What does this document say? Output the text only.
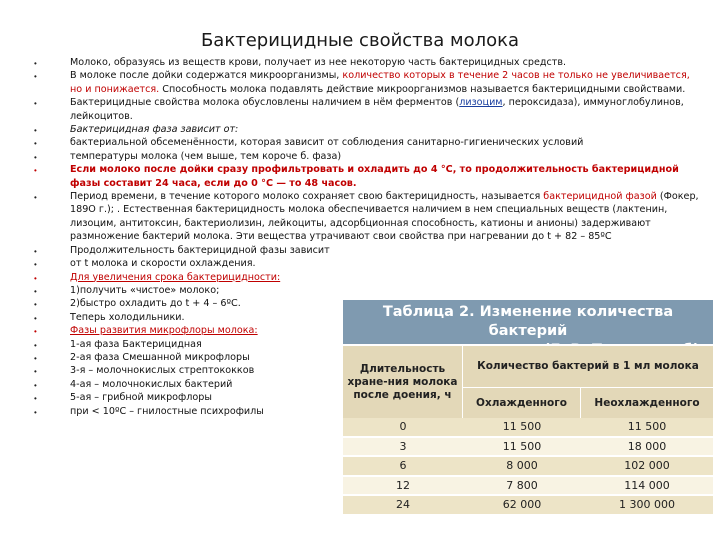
Бактерицидные свойства молока
Молоко, образуясь из веществ крови, получает из нее некоторую часть бактерицидных средств.
В молоке после дойки содержатся микроорганизмы, количество которых в течение 2 часов не только не увеличивается, но и понижается. Способность молока подавлять действие микроорганизмов называется бактерицидными свойствами.
Бактерицидные свойства молока обусловлены наличием в нём ферментов (лизоцим, пероксидаза), иммуноглобулинов, лейкоцитов.
Бактерицидная фаза зависит от:
бактериальной обсеменённости, которая зависит от соблюдения санитарно-гигиенических условий
температуры молока (чем выше, тем короче б. фаза)
Если молоко после дойки сразу профильтровать и охладить до 4 °С, то продолжительность бактерицидной фазы составит 24 часа, если до 0 °С — то 48 часов.
Период времени, в течение которого молоко сохраняет свою бактерицидность, называется бактерицидной фазой (Фокер, 189О г.); . Естественная бактерицидность молока обеспечивается наличием в нем специальных веществ (лактенин, лизоцим, антитоксин, бактериолизин, лейкоциты, адсорбционная способность, катионы и анионы) задерживают размножение бактерий молока. Эти вещества утрачивают свои свойства при нагревании до t + 82 – 85ºС
Продолжительность бактерицидной фазы зависит
от t молока и скорости охлаждения.
Для увеличения срока бактерицидности:
1)получить «чистое» молоко;
2)быстро охладить до t + 4 – 6ºС.
Теперь холодильники.
Фазы развития микрофлоры молока:
1-ая фаза Бактерицидная
2-ая фаза Смешанной микрофлоры
3-я – молочнокислых стрептококков
4-ая – молочнокислых бактерий
5-ая – грибной микрофлоры
при < 10ºС – гнилостные психрофилы
Таблица 2. Изменение количества бактерий
Длительность хране-ния молока после доения, ч
Количество бактерий в 1 мл молока
Охлажденного	Неохлажденного
0	11 500	11 500
3	11 500	18 000
6	8 000	102 000
12	7 800	114 000
24	62 000	1 300 000
•
•
•
•
•
•
•
•
•
•
•
•
•
•
•
•
•
•
•
•
•
